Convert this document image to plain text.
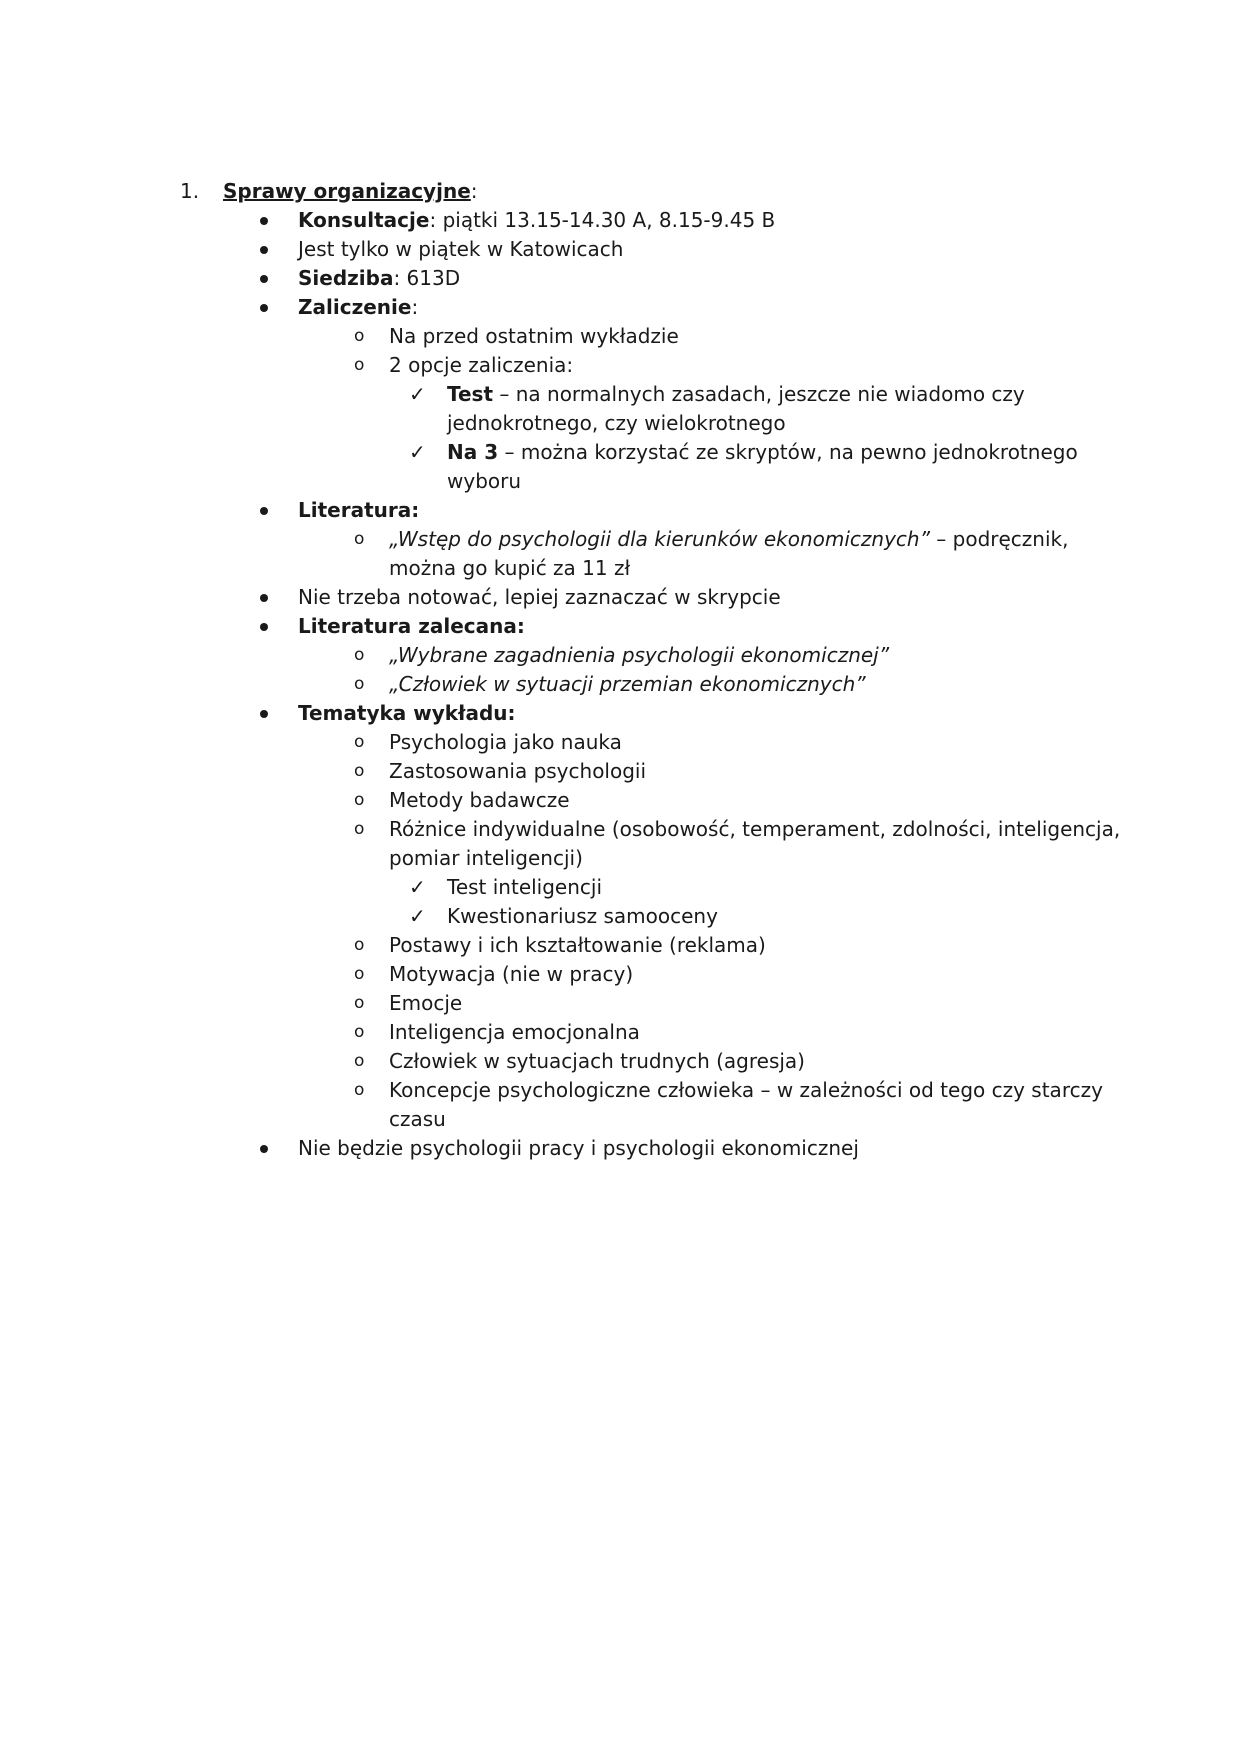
1. Sprawy organizacyjne:
Konsultacje: piątki 13.15-14.30 A, 8.15-9.45 B
Jest tylko w piątek w Katowicach
Siedziba: 613D
Zaliczenie:
o Na przed ostatnim wykładzie
o 2 opcje zaliczenia:
✓ Test – na normalnych zasadach, jeszcze nie wiadomo czy
jednokrotnego, czy wielokrotnego
✓ Na 3 – można korzystać ze skryptów, na pewno jednokrotnego
wyboru
Literatura:
o „Wstęp do psychologii dla kierunków ekonomicznych” – podręcznik,
można go kupić za 11 zł
Nie trzeba notować, lepiej zaznaczać w skrypcie
Literatura zalecana:
o „Wybrane zagadnienia psychologii ekonomicznej”
o „Człowiek w sytuacji przemian ekonomicznych”
Tematyka wykładu:
o Psychologia jako nauka
o Zastosowania psychologii
o Metody badawcze
o Różnice indywidualne (osobowość, temperament, zdolności, inteligencja,
pomiar inteligencji)
✓ Test inteligencji
✓ Kwestionariusz samooceny
o Postawy i ich kształtowanie (reklama)
o Motywacja (nie w pracy)
o Emocje
o Inteligencja emocjonalna
o Człowiek w sytuacjach trudnych (agresja)
o Koncepcje psychologiczne człowieka – w zależności od tego czy starczy
czasu
Nie będzie psychologii pracy i psychologii ekonomicznej
